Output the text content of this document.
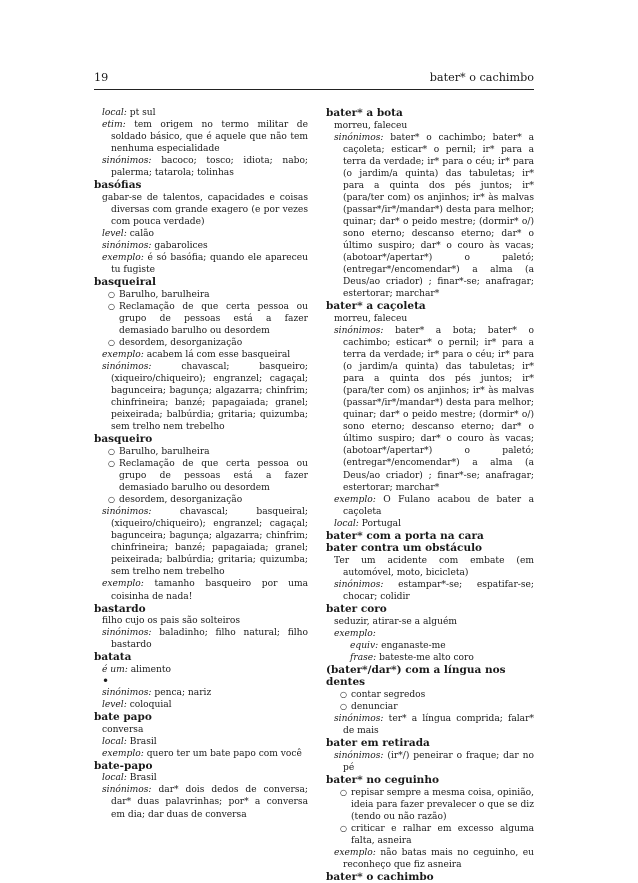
19	bater* o cachimbo
local: pt sul
etim: tem origem no termo militar de soldado básico, que é aquele que não tem nenhuma especialidade
sinónimos: bacoco; tosco; idiota; nabo; palerma; tatarola; tolinhas
basófias
gabar-se de talentos, capacidades e coisas diversas com grande exagero (e por vezes com pouca verdade)
level: calão
sinónimos: gabarolices
exemplo: é só basófia; quando ele apareceu tu fugiste
basqueiral
○ Barulho, barulheira
○ Reclamação de que certa pessoa ou grupo de pessoas está a fazer demasiado barulho ou desordem
○ desordem, desorganização
exemplo: acabem lá com esse basqueiral
sinónimos: chavascal; basqueiro; (xiqueiro/chiqueiro); engranzel; cagaçal; bagunceira; bagunça; algazarra; chinfrim; chinfrineira; banzé; papagaiada; granel; peixeirada; balbúrdia; gritaria; quizumba; sem trelho nem trebelho
basqueiro
○ Barulho, barulheira
○ Reclamação de que certa pessoa ou grupo de pessoas está a fazer demasiado barulho ou desordem
○ desordem, desorganização
sinónimos: chavascal; basqueiral; (xiqueiro/chiqueiro); engranzel; cagaçal; bagunceira; bagunça; algazarra; chinfrim; chinfrineira; banzé; papagaiada; granel; peixeirada; balbúrdia; gritaria; quizumba; sem trelho nem trebelho
exemplo: tamanho basqueiro por uma coisinha de nada!
bastardo
filho cujo os pais são solteiros
sinónimos: baladinho; filho natural; filho bastardo
batata
é um: alimento
•
sinónimos: penca; nariz
level: coloquial
bate papo
conversa
local: Brasil
exemplo: quero ter um bate papo com você
bate-papo
local: Brasil
sinónimos: dar* dois dedos de conversa; dar* duas palavrinhas; por* a conversa em dia; dar duas de conversa
bater* a bota
morreu, faleceu
sinónimos: bater* o cachimbo; bater* a caçoleta; esticar* o pernil; ir* para a terra da verdade; ir* para o céu; ir* para (o jardim/a quinta) das tabuletas; ir* para a quinta dos pés juntos; ir* (para/ter com) os anjinhos; ir* às malvas (passar*/ir*/mandar*) desta para melhor; quinar; dar* o peido mestre; (dormir* o/) sono eterno; descanso eterno; dar* o último suspiro; dar* o couro às vacas; (abotoar*/apertar*) o paletó; (entregar*/encomendar*) a alma (a Deus/ao criador) ; finar*-se; anafragar; estertorar; marchar*
bater* a caçoleta
morreu, faleceu
sinónimos: bater* a bota; bater* o cachimbo; esticar* o pernil; ir* para a terra da verdade; ir* para o céu; ir* para (o jardim/a quinta) das tabuletas; ir* para a quinta dos pés juntos; ir* (para/ter com) os anjinhos; ir* às malvas (passar*/ir*/mandar*) desta para melhor; quinar; dar* o peido mestre; (dormir* o/) sono eterno; descanso eterno; dar* o último suspiro; dar* o couro às vacas; (abotoar*/apertar*) o paletó; (entregar*/encomendar*) a alma (a Deus/ao criador) ; finar*-se; anafragar; estertorar; marchar*
exemplo: O Fulano acabou de bater a caçoleta
local: Portugal
bater* com a porta na cara
bater contra um obstáculo
Ter um acidente com embate (em automóvel, moto, bicicleta)
sinónimos: estampar*-se; espatifar-se; chocar; colidir
bater coro
seduzir, atirar-se a alguém
exemplo:
equiv: enganaste-me
frase: bateste-me alto coro
(bater*/dar*) com a língua nos dentes
○ contar segredos
○ denunciar
sinónimos: ter* a língua comprida; falar* de mais
bater em retirada
sinónimos: (ir*/) peneirar o fraque; dar no pé
bater* no ceguinho
○ repisar sempre a mesma coisa, opinião, ideia para fazer prevalecer o que se diz (tendo ou não razão)
○ criticar e ralhar em excesso alguma falta, asneira
exemplo: não batas mais no ceguinho, eu reconheço que fiz asneira
bater* o cachimbo
